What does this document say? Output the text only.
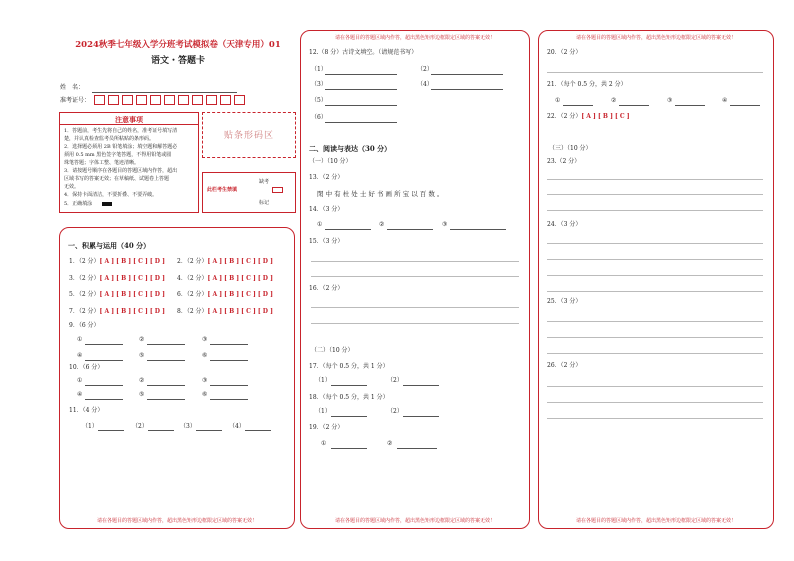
2024秋季七年级入学分班考试模拟卷（天津专用）01
语文・答题卡
姓　名：
准考证号：
注意事项
1．答题前，考生先将自己的姓名，准考证号填写清
楚，并认真检查监考员所粘贴的条形码。
2．选择题必须用 2B 铅笔填涂；填空题和解答题必
须用 0.5 mm 黑色签字笔答题，不得用铅笔或圆
珠笔答题；字体工整、笔迹清晰。
3．请按题号顺序在各题目的答题区域内作答，超出
区域书写的答案无效；在草稿纸、试题卷上答题
无效。
4．保持卡面清洁，不要折叠、不要弄破。
5．正确填涂
贴条形码区
此栏考生禁填
缺考
标记
一、积累与运用（40 分）
1．（2 分）[ A ] [ B ] [ C ] [ D ] 2．（2 分）[ A ] [ B ] [ C ] [ D ]
3．（2 分）[ A ] [ B ] [ C ] [ D ] 4．（2 分）[ A ] [ B ] [ C ] [ D ]
5．（2 分）[ A ] [ B ] [ C ] [ D ] 6．（2 分）[ A ] [ B ] [ C ] [ D ]
7．（2 分）[ A ] [ B ] [ C ] [ D ] 8．（2 分）[ A ] [ B ] [ C ] [ D ]
9．（6 分）
①	②	③
④	⑤	⑥
10．（6 分）
①	②	③
④	⑤	⑥
11．（4 分）
（1）	（2）	（3）	（4）
请在各题目的答题区域内作答，超出黑色矩形边框限定区域的答案无效！
请在各题目的答题区域内作答，超出黑色矩形边框限定区域的答案无效！
12.（8 分）古诗文填空。（请规范书写）
（1）	（2）
（3）	（4）
（5）
（6）
二、阅读与表达（30 分）
（一）（10 分）
13．（2 分）
閑 中 有 杜 处 士 好 书 画 所 宝 以 百 数 。
14．（3 分）
①	②	③
15．（3 分）
16．（2 分）
（二）（10 分）
17．（每个 0.5 分，共 1 分）
（1）	（2）
18．（每个 0.5 分，共 1 分）
（1）	（2）
19．（2 分）
①	②
请在各题目的答题区域内作答，超出黑色矩形边框限定区域的答案无效！
请在各题目的答题区域内作答，超出黑色矩形边框限定区域的答案无效！
20．（2 分）
21．（每个 0.5 分，共 2 分）
①	②	③	④
22．（2 分）[ A ] [ B ] [ C ]
（三）（10 分）
23.（2 分）
24．（3 分）
25．（3 分）
26．（2 分）
请在各题目的答题区域内作答，超出黑色矩形边框限定区域的答案无效！
